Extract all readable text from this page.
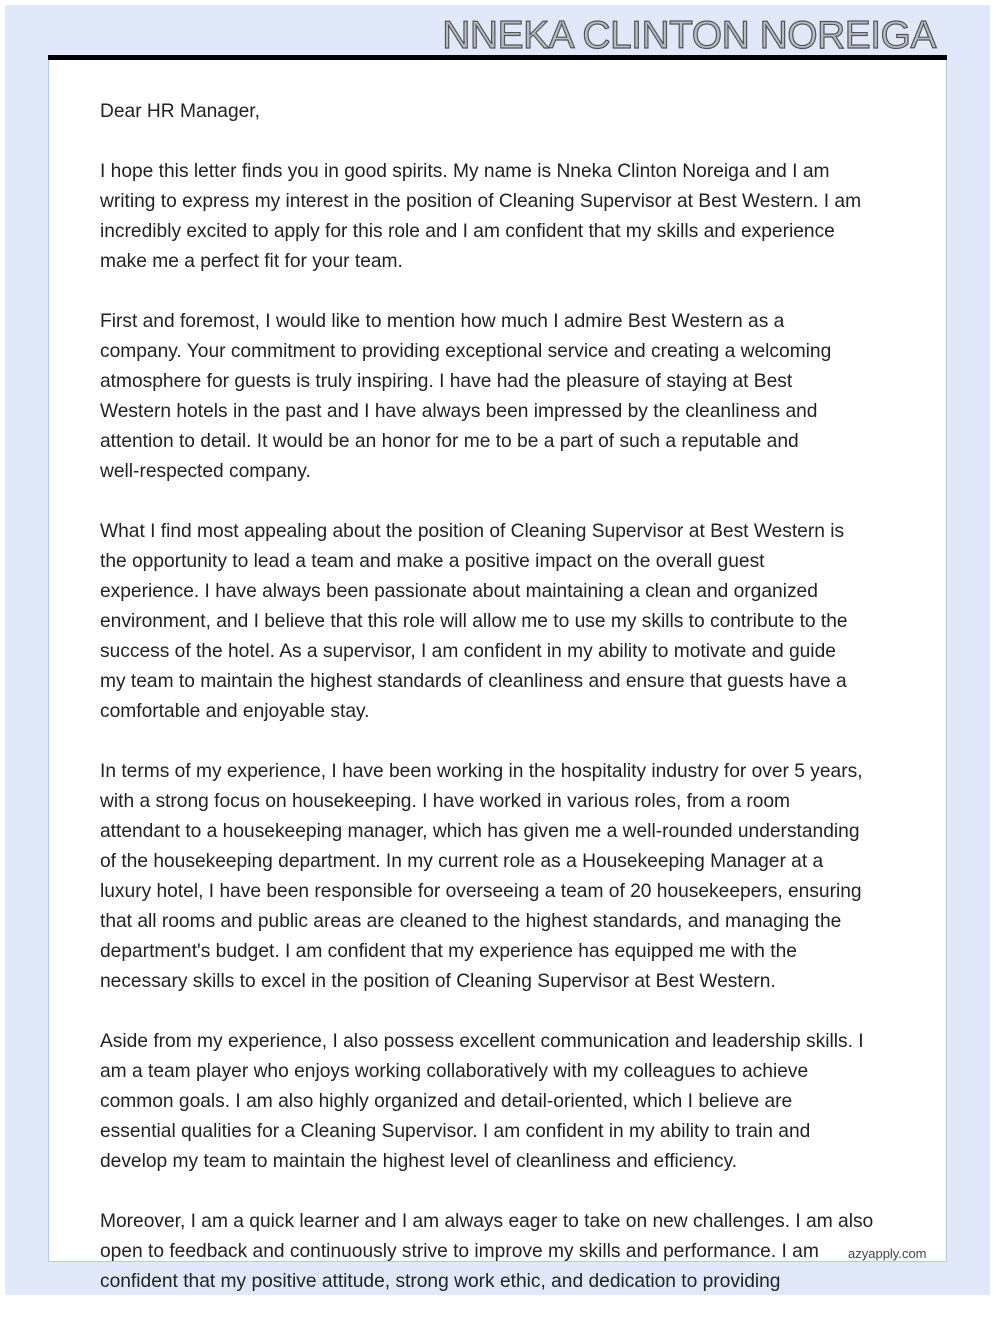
NNEKA CLINTON NOREIGA

Dear HR Manager,

I hope this letter finds you in good spirits. My name is Nneka Clinton Noreiga and I am
writing to express my interest in the position of Cleaning Supervisor at Best Western. I am
incredibly excited to apply for this role and I am confident that my skills and experience
make me a perfect fit for your team.

First and foremost, I would like to mention how much I admire Best Western as a
company. Your commitment to providing exceptional service and creating a welcoming
atmosphere for guests is truly inspiring. I have had the pleasure of staying at Best
Western hotels in the past and I have always been impressed by the cleanliness and
attention to detail. It would be an honor for me to be a part of such a reputable and
well-respected company.

What I find most appealing about the position of Cleaning Supervisor at Best Western is
the opportunity to lead a team and make a positive impact on the overall guest
experience. I have always been passionate about maintaining a clean and organized
environment, and I believe that this role will allow me to use my skills to contribute to the
success of the hotel. As a supervisor, I am confident in my ability to motivate and guide
my team to maintain the highest standards of cleanliness and ensure that guests have a
comfortable and enjoyable stay.

In terms of my experience, I have been working in the hospitality industry for over 5 years,
with a strong focus on housekeeping. I have worked in various roles, from a room
attendant to a housekeeping manager, which has given me a well-rounded understanding
of the housekeeping department. In my current role as a Housekeeping Manager at a
luxury hotel, I have been responsible for overseeing a team of 20 housekeepers, ensuring
that all rooms and public areas are cleaned to the highest standards, and managing the
department's budget. I am confident that my experience has equipped me with the
necessary skills to excel in the position of Cleaning Supervisor at Best Western.

Aside from my experience, I also possess excellent communication and leadership skills. I
am a team player who enjoys working collaboratively with my colleagues to achieve
common goals. I am also highly organized and detail-oriented, which I believe are
essential qualities for a Cleaning Supervisor. I am confident in my ability to train and
develop my team to maintain the highest level of cleanliness and efficiency.

Moreover, I am a quick learner and I am always eager to take on new challenges. I am also
open to feedback and continuously strive to improve my skills and performance. I am
confident that my positive attitude, strong work ethic, and dedication to providing

azyapply.com
